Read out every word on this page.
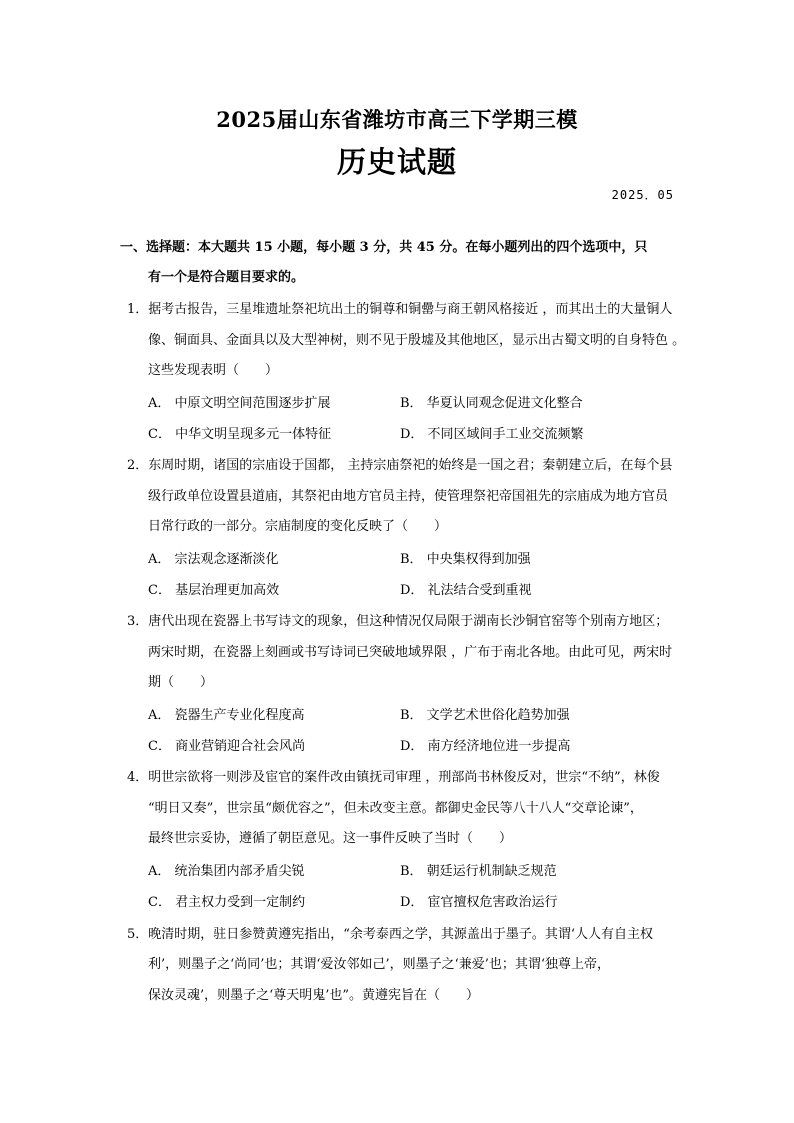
2025届山东省潍坊市高三下学期三模
历史试题
2025．05
一、选择题：本大题共 15 小题，每小题 3 分，共 45 分。在每小题列出的四个选项中，只
有一个是符合题目要求的。
1．据考古报告，三星堆遗址祭祀坑出土的铜尊和铜罍与商王朝风格接近 ，而其出土的大量铜人
像、铜面具、金面具以及大型神树，则不见于殷墟及其他地区，显示出古蜀文明的自身特色 。
这些发现表明（　　）
A． 中原文明空间范围逐步扩展	B． 华夏认同观念促进文化整合
C． 中华文明呈现多元一体特征	D． 不同区域间手工业交流频繁
2．东周时期，诸国的宗庙设于国都， 主持宗庙祭祀的始终是一国之君；秦朝建立后，在每个县
级行政单位设置县道庙，其祭祀由地方官员主持，使管理祭祀帝国祖先的宗庙成为地方官员
日常行政的一部分。宗庙制度的变化反映了（　　）
A． 宗法观念逐渐淡化	B． 中央集权得到加强
C． 基层治理更加高效	D． 礼法结合受到重视
3．唐代出现在瓷器上书写诗文的现象，但这种情况仅局限于湖南长沙铜官窑等个别南方地区；
两宋时期，在瓷器上刻画或书写诗词已突破地域界限 ，广布于南北各地。由此可见，两宋时
期（　　）
A． 瓷器生产专业化程度高	B． 文学艺术世俗化趋势加强
C． 商业营销迎合社会风尚	D． 南方经济地位进一步提高
4．明世宗欲将一则涉及宦官的案件改由镇抚司审理 ，刑部尚书林俊反对，世宗“不纳”，林俊
“明日又奏”，世宗虽“颇优容之”，但未改变主意。都御史金民等八十八人“交章论谏”，
最终世宗妥协，遵循了朝臣意见。这一事件反映了当时（　　）
A． 统治集团内部矛盾尖锐	B． 朝廷运行机制缺乏规范
C． 君主权力受到一定制约	D． 宦官擅权危害政治运行
5．晚清时期，驻日参赞黄遵宪指出，“余考泰西之学，其源盖出于墨子。其谓‘人人有自主权
利’，则墨子之‘尚同’也；其谓‘爱汝邻如己’，则墨子之‘兼爱’也；其谓‘独尊上帝，
保汝灵魂’，则墨子之‘尊天明鬼’也”。黄遵宪旨在（　　）
